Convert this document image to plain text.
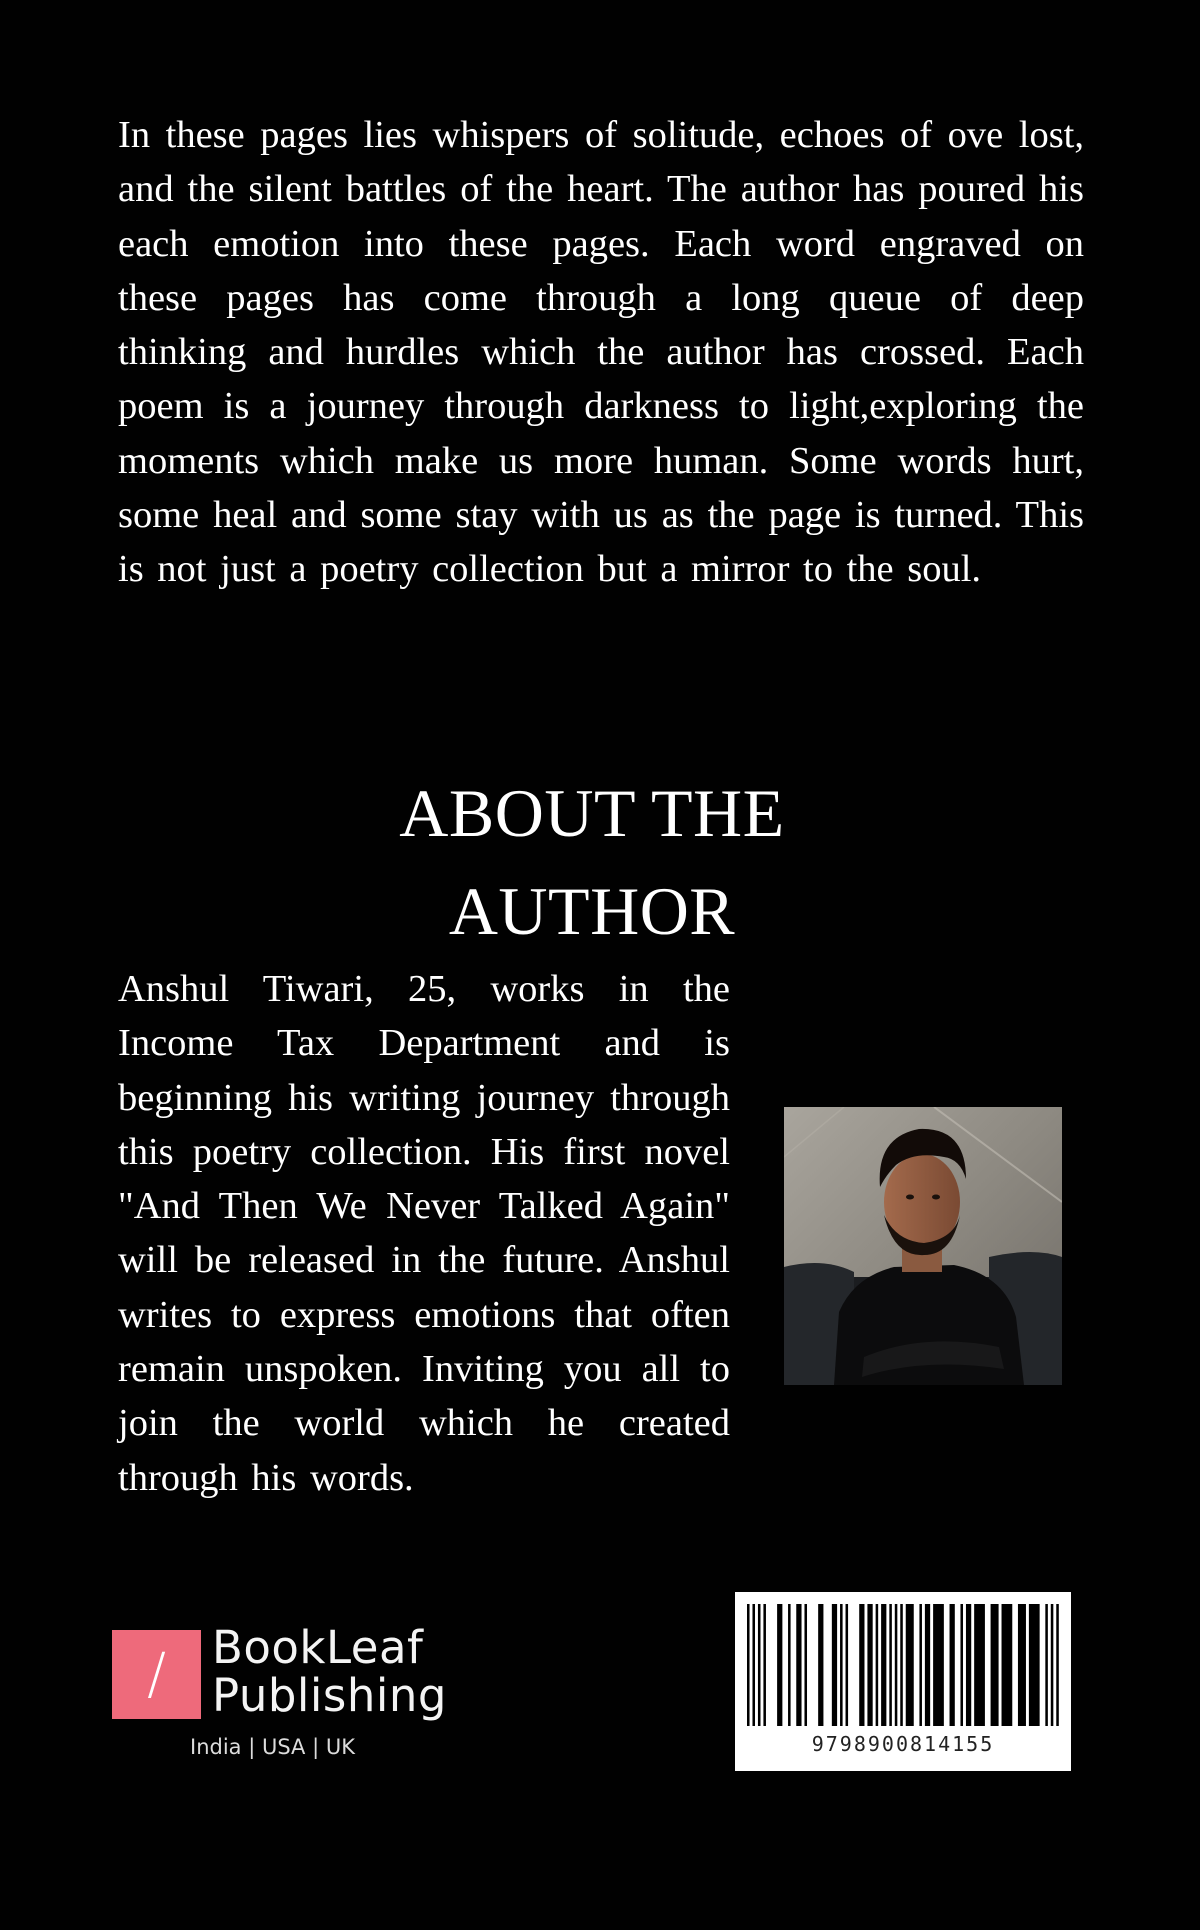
In these pages lies whispers of solitude, echoes of ove lost, and the silent battles of the heart. The author has poured his each emotion into these pages. Each word engraved on these pages has come through a long queue of deep thinking and hurdles which the author has crossed. Each poem is a journey through darkness to light,exploring the moments which make us more human. Some words hurt, some heal and some stay with us as the page is turned. This is not just a poetry collection but a mirror to the soul.

ABOUT THE
AUTHOR

Anshul Tiwari, 25, works in the Income Tax Department and is beginning his writing journey through this poetry collection. His first novel "And Then We Never Talked Again" will be released in the future. Anshul writes to express emotions that often remain unspoken. Inviting you all to join the world which he created through his words.

/	BookLeaf
Publishing
India | USA | UK	9798900814155
